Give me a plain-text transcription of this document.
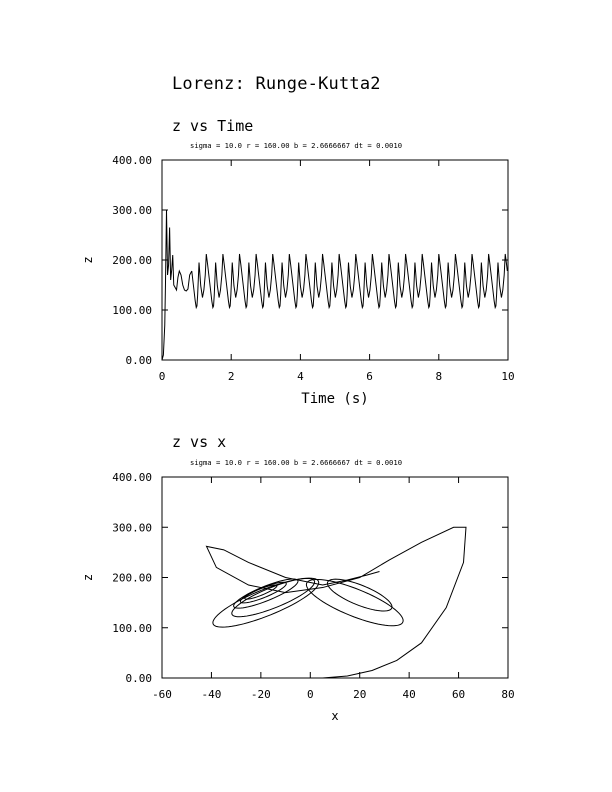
Lorenz: Runge-Kutta2
z vs Time
sigma = 10.0 r = 160.00 b = 2.6666667 dt = 0.0010
0.00
100.00
200.00
300.00
400.00
0	2	4	6	8	10
Time (s)
z
z vs x
sigma = 10.0 r = 160.00 b = 2.6666667 dt = 0.0010
0.00
100.00
200.00
300.00
400.00
-60	-40	-20	0	20	40	60	80
x
z
